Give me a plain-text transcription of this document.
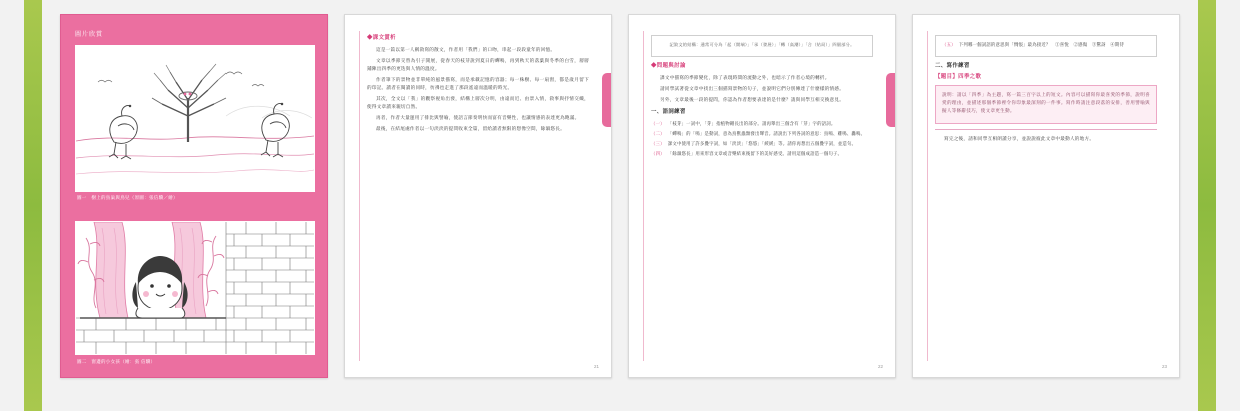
圖片欣賞
圖一　樹上的鳥巢與鳥兒（原圖：張信驥／繪）
圖二　窗邊的小女孩（繪：張 信驥）
◆課文賞析

這是一篇以第一人稱敘寫的散文，作者用「我們」的口吻，串起一段段童年的回憶。

文章以季節交替為引子開展，從春天的枝芽說到夏日的蟬鳴，再到秋天的落葉與冬季的白雪，層層鋪陳出四季的更迭與人情的溫度。

作者筆下的景物並非單純的風景描寫，而是承載記憶的容器；每一株樹、每一扇窗，都是歲月留下的印記。讀者在閱讀的同時，彷彿也走進了那段遙遠而溫暖的時光。

其次，全文以「我」的觀察視角出發，結構上層次分明，由遠而近、由景入情，敘事與抒情交織，使得文章讀來親切自然。

再者，作者大量運用了排比與譬喻，使語言節奏明快而富有音樂性，也讓情感的表達更為飽滿。

最後，在結尾處作者以一句淡淡的提問收束全篇，留給讀者無限的想像空間，餘韻悠長。

21

記敘文的結構：通常可分為「起（開端）」「承（發展）」「轉（高潮）」「合（結局）」四個部分。

◆問題與討論

課文中描寫的季節變化，除了表現時間的流動之外，也暗示了作者心境的轉折。

請同學試著從文章中找出三個描寫景物的句子，並說明它們分別傳達了什麼樣的情感。

另外，文章最後一段的提問，你認為作者想要表達的是什麼？請與同學互相交換意見。

一、語詞練習
（一） 「枝芽」一詞中，「芽」指植物剛長出的部分。請再舉出三個含有「芽」字的語詞。
（二） 「蟬鳴」的「鳴」是動詞，意為鳥獸蟲類發出聲音。請說出下列各詞的意思：鳥鳴、雞鳴、轟鳴。
（三） 課文中使用了許多疊字詞，如「淡淡」「悠悠」「緩緩」等。請你再想出五個疊字詞，並造句。
（四） 「餘韻悠長」用來形容文章或音樂結束後留下的美好感受。請用這個成語造一個句子。
22
（五） 下列哪一個詞語的意思與「惆悵」最為接近？　①喜悅　②感傷　③驚訝　④期待
二、寫作練習
【題目】四季之歌

說明：請以「四季」為主題，寫一篇三百字以上的短文。內容可以描寫你最喜愛的季節，說明喜愛的理由，並描述那個季節裡令你印象最深刻的一件事。寫作時請注意段落的安排，善用譬喻與擬人等修辭技巧，使文章更生動。

寫完之後，請和同學互相朗讀分享，並說說彼此文章中最動人的地方。

23
